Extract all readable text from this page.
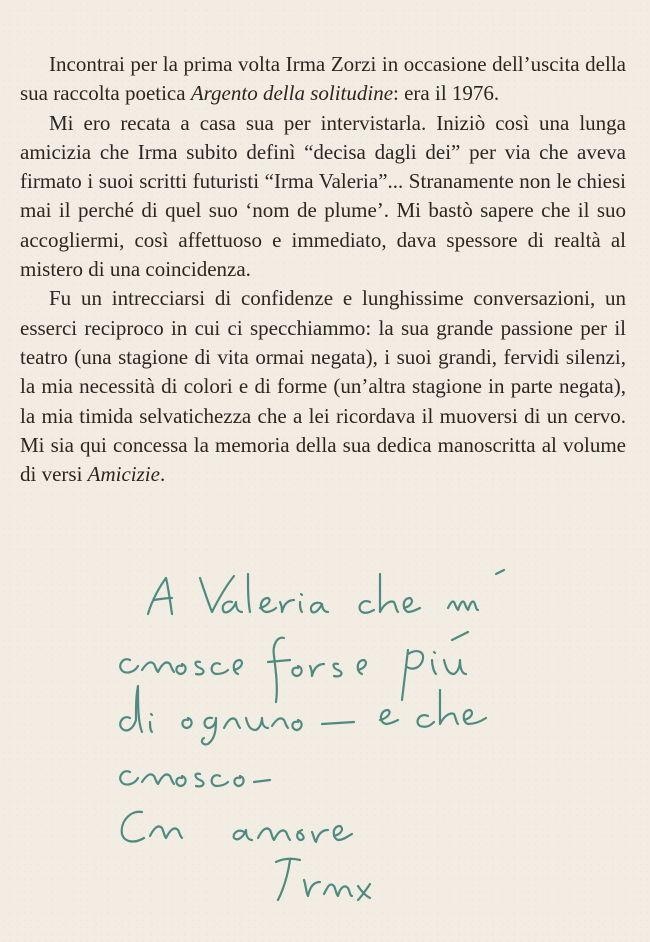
Incontrai per la prima volta Irma Zorzi in occasione dell’uscita della sua raccolta poetica Argento della solitudine: era il 1976.

Mi ero recata a casa sua per intervistarla. Iniziò così una lunga amicizia che Irma subito definì “decisa dagli dei” per via che aveva firmato i suoi scritti futuristi “Irma Valeria”... Stranamente non le chiesi mai il perché di quel suo ‘nom de plume’. Mi bastò sapere che il suo accogliermi, così affettuoso e immediato, dava spessore di realtà al mistero di una coincidenza.

Fu un intrecciarsi di confidenze e lunghissime conversazioni, un esserci reciproco in cui ci specchiammo: la sua grande passione per il teatro (una stagione di vita ormai negata), i suoi grandi, fervidi silenzi, la mia necessità di colori e di forme (un’altra stagione in parte negata), la mia timida selvatichezza che a lei ricordava il muoversi di un cervo. Mi sia qui concessa la memoria della sua dedica manoscritta al volume di versi Amicizie.
